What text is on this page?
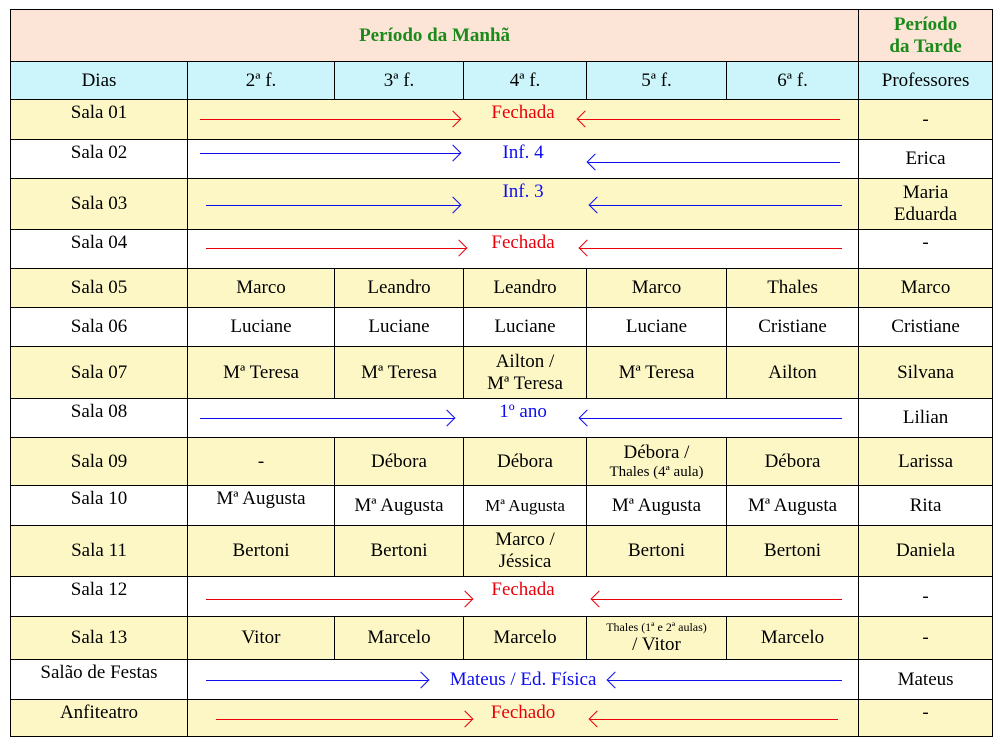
Período da Manhã						Período
da Tarde

Dias	2ª f.	3ª f.	4ª f.	5ª f.	6ª f.	Professores
Sala 01	Fechada					-
Sala 02	Inf. 4					Erica
Sala 03	Inf. 3					Maria
Eduarda

Sala 04	Fechada					-
Sala 05	Marco	Leandro	Leandro	Marco	Thales	Marco
Sala 06	Luciane	Luciane	Luciane	Luciane	Cristiane	Cristiane
Sala 07	Mª Teresa	Mª Teresa	Ailton /
Mª Teresa	Mª Teresa	Ailton	Silvana
Sala 08	1º ano					Lilian
Sala 09	-	Débora	Débora	Débora /
Thales (4ª aula)	Débora	Larissa
Sala 10	Mª Augusta	Mª Augusta	Mª Augusta	Mª Augusta	Mª Augusta	Rita
Sala 11	Bertoni	Bertoni	Marco /
Jéssica	Bertoni	Bertoni	Daniela
Sala 12	Fechada					-
Sala 13	Vitor	Marcelo	Marcelo	Thales (1ª e 2ª aulas)
/ Vitor	Marcelo	-
Salão de Festas	Mateus / Ed. Física					Mateus
Anfiteatro	Fechado					-
